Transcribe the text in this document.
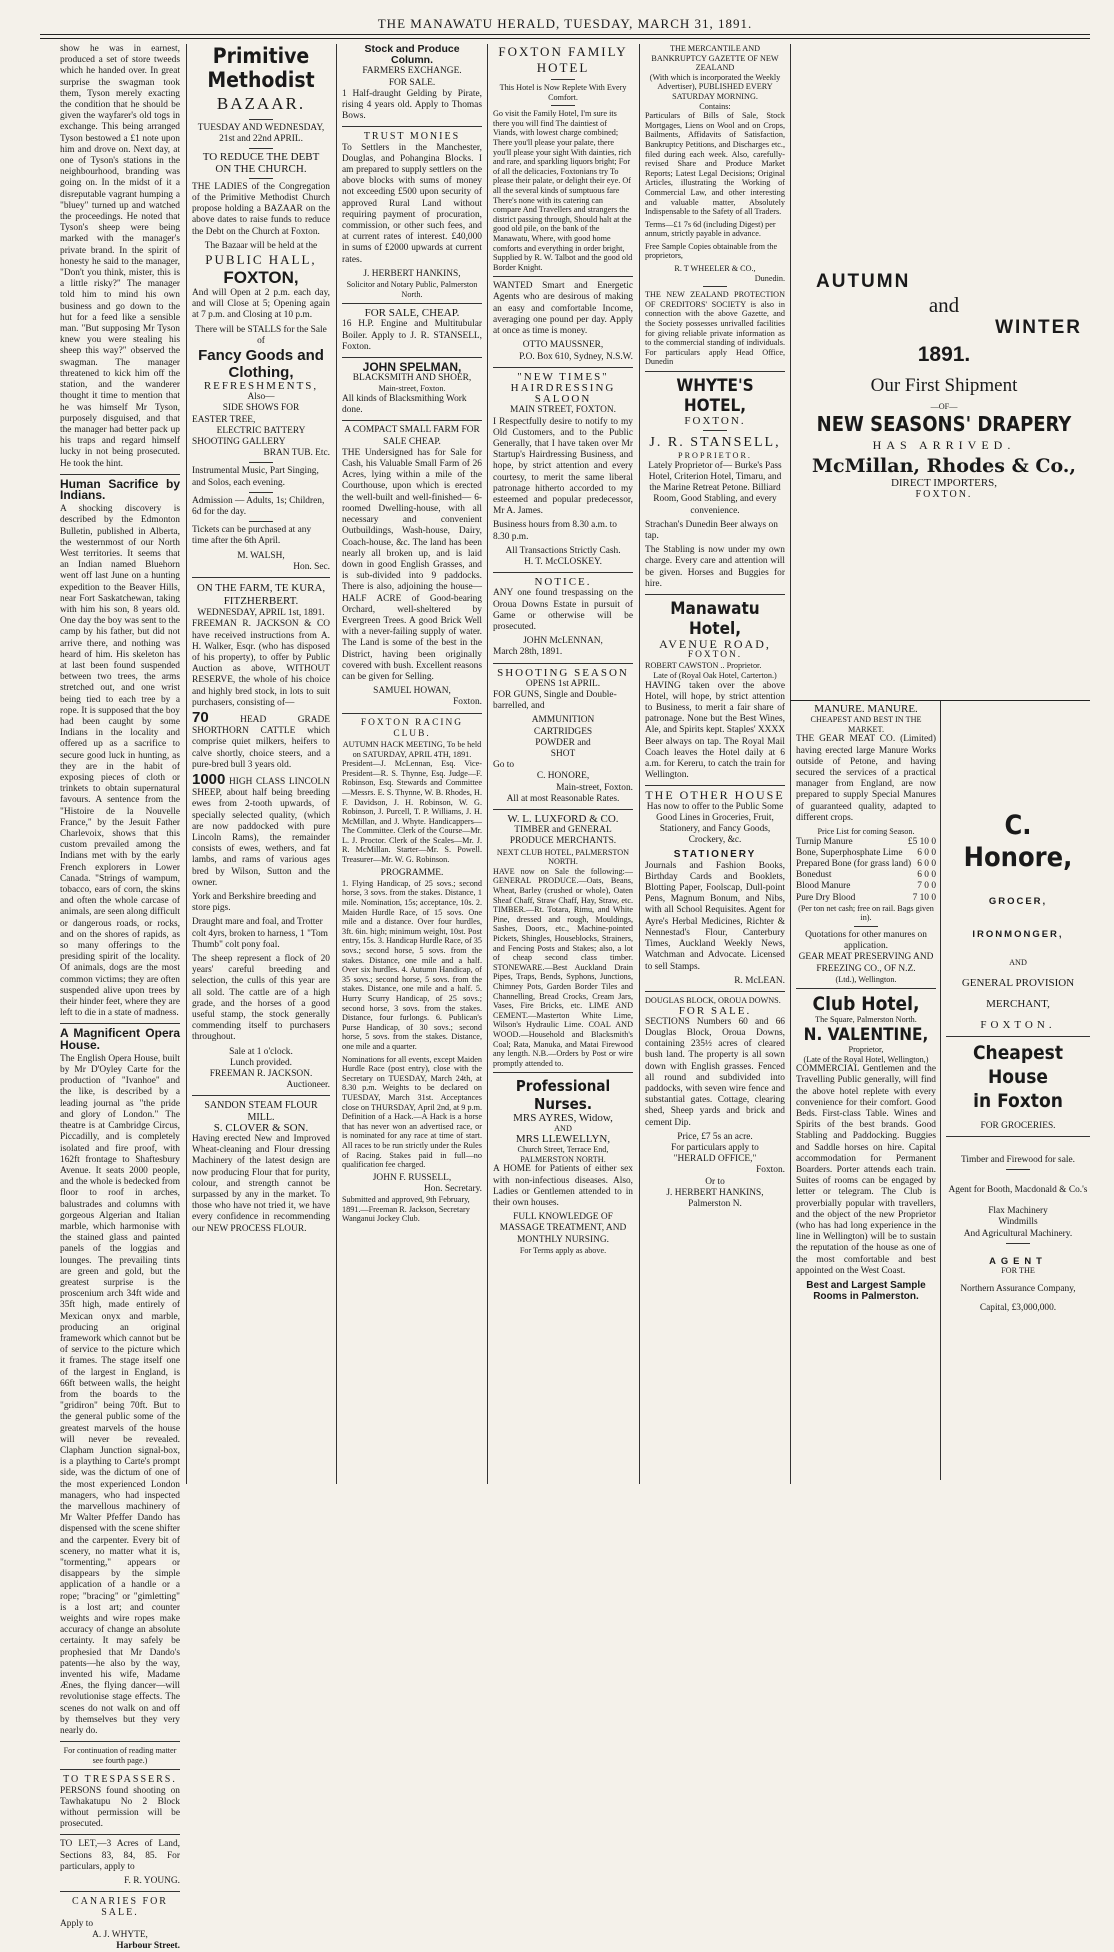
THE MANAWATU HERALD, TUESDAY, MARCH 31, 1891.

show he was in earnest, produced a set of store tweeds which he handed over. In great surprise the swagman took them, Tyson merely exacting the condition that he should be given the wayfarer's old togs in exchange. This being arranged Tyson bestowed a £1 note upon him and drove on. Next day, at one of Tyson's stations in the neighbourhood, branding was going on. In the midst of it a disreputable vagrant humping a "bluey" turned up and watched the proceedings. He noted that Tyson's sheep were being marked with the manager's private brand. In the spirit of honesty he said to the manager, "Don't you think, mister, this is a little risky?" The manager told him to mind his own business and go down to the hut for a feed like a sensible man. "But supposing Mr Tyson knew you were stealing his sheep this way?" observed the swagman. The manager threatened to kick him off the station, and the wanderer thought it time to mention that he was himself Mr Tyson, purposely disguised, and that the manager had better pack up his traps and regard himself lucky in not being prosecuted. He took the hint.

Human Sacrifice by Indians.

A shocking discovery is described by the Edmonton Bulletin, published in Alberta, the westernmost of our North West territories. It seems that an Indian named Bluehorn went off last June on a hunting expedition to the Beaver Hills, near Fort Saskatchewan, taking with him his son, 8 years old. One day the boy was sent to the camp by his father, but did not arrive there, and nothing was heard of him. His skeleton has at last been found suspended between two trees, the arms stretched out, and one wrist being tied to each tree by a rope. It is supposed that the boy had been caught by some Indians in the locality and offered up as a sacrifice to secure good luck in hunting, as they are in the habit of exposing pieces of cloth or trinkets to obtain supernatural favours. A sentence from the "Histoire de la Nouvelle France," by the Jesuit Father Charlevoix, shows that this custom prevailed among the Indians met with by the early French explorers in Lower Canada. "Strings of wampum, tobacco, ears of corn, the skins and often the whole carcase of animals, are seen along difficult or dangerous roads, or rocks, and on the shores of rapids, as so many offerings to the presiding spirit of the locality. Of animals, dogs are the most common victims; they are often suspended alive upon trees by their hinder feet, where they are left to die in a state of madness.

A Magnificent Opera House.

The English Opera House, built by Mr D'Oyley Carte for the production of "Ivanhoe" and the like, is described by a leading journal as "the pride and glory of London." The theatre is at Cambridge Circus, Piccadilly, and is completely isolated and fire proof, with 162ft frontage to Shaftesbury Avenue. It seats 2000 people, and the whole is bedecked from floor to roof in arches, balustrades and columns with gorgeous Algerian and Italian marble, which harmonise with the stained glass and painted panels of the loggias and lounges. The prevailing tints are green and gold, but the greatest surprise is the proscenium arch 34ft wide and 35ft high, made entirely of Mexican onyx and marble, producing an original framework which cannot but be of service to the picture which it frames. The stage itself one of the largest in England, is 66ft between walls, the height from the boards to the "gridiron" being 70ft. But to the general public some of the greatest marvels of the house will never be revealed. Clapham Junction signal-box, is a plaything to Carte's prompt side, was the dictum of one of the most experienced London managers, who had inspected the marvellous machinery of Mr Walter Pfeffer Dando has dispensed with the scene shifter and the carpenter. Every bit of scenery, no matter what it is, "tormenting," appears or disappears by the simple application of a handle or a rope; "bracing" or "gimletting" is a lost art; and counter weights and wire ropes make accuracy of change an absolute certainty. It may safely be prophesied that Mr Dando's patents—he also by the way, invented his wife, Madame Ænes, the flying dancer—will revolutionise stage effects. The scenes do not walk on and off by themselves but they very nearly do.

For continuation of reading matter see fourth page.)

TO TRESPASSERS.

PERSONS found shooting on Tawhakatupu No 2 Block without permission will be prosecuted.

TO LET,—3 Acres of Land, Sections 83, 84, 85. For particulars, apply to

F. R. YOUNG.
CANARIES FOR SALE.
Apply to
A. J. WHYTE,
Harbour Street.
Primitive Methodist
BAZAAR.
TUESDAY AND WEDNESDAY,
21st and 22nd APRIL.
TO REDUCE THE DEBT
ON THE CHURCH.

THE LADIES of the Congregation of the Primitive Methodist Church propose holding a BAZAAR on the above dates to raise funds to reduce the Debt on the Church at Foxton.

The Bazaar will be held at the
PUBLIC HALL,
FOXTON,

And will Open at 2 p.m. each day, and will Close at 5; Opening again at 7 p.m. and Closing at 10 p.m.

There will be STALLS for the Sale of
Fancy Goods and Clothing,
REFRESHMENTS,
Also—
SIDE SHOWS FOR
EASTER TREE,
ELECTRIC BATTERY
SHOOTING GALLERY
BRAN TUB. Etc.

Instrumental Music, Part Singing, and Solos, each evening.

Admission — Adults, 1s; Children, 6d for the day.

Tickets can be purchased at any time after the 6th April.

M. WALSH,
Hon. Sec.
ON THE FARM, TE KURA, FITZHERBERT.
WEDNESDAY, APRIL 1st, 1891.

FREEMAN R. JACKSON & CO have received instructions from A. H. Walker, Esqr. (who has disposed of his property), to offer by Public Auction as above, WITHOUT RESERVE, the whole of his choice and highly bred stock, in lots to suit purchasers, consisting of—

70	HEAD GRADE SHORTHORN CATTLE which comprise quiet milkers, heifers to calve shortly, choice steers, and a pure-bred bull 3 years old.

1000 HIGH CLASS LINCOLN SHEEP, about half being breeding ewes from 2-tooth upwards, of specially selected quality, (which are now paddocked with pure Lincoln Rams), the remainder consists of ewes, wethers, and fat lambs, and rams of various ages bred by Wilson, Sutton and the owner.

York and Berkshire breeding and store pigs.

Draught mare and foal, and Trotter colt 4yrs, broken to harness, 1 "Tom Thumb" colt pony foal.

The sheep represent a flock of 20 years' careful breeding and selection, the culls of this year are all sold. The cattle are of a high grade, and the horses of a good useful stamp, the stock generally commending itself to purchasers throughout.

Sale at 1 o'clock.
Lunch provided.
FREEMAN R. JACKSON.
Auctioneer.
SANDON STEAM FLOUR MILL.
S. CLOVER & SON.

Having erected New and Improved Wheat-cleaning and Flour dressing Machinery of the latest design are now producing Flour that for purity, colour, and strength cannot be surpassed by any in the market. To those who have not tried it, we have every confidence in recommending our NEW PROCESS FLOUR.

Stock and Produce Column.
FARMERS EXCHANGE.
FOR SALE.

1 Half-draught Gelding by Pirate, rising 4 years old. Apply to Thomas Bows.

TRUST MONIES

To Settlers in the Manchester, Douglas, and Pohangina Blocks. I am prepared to supply settlers on the above blocks with sums of money not exceeding £500 upon security of approved Rural Land without requiring payment of procuration, commission, or other such fees, and at current rates of interest. £40,000 in sums of £2000 upwards at current rates.

J. HERBERT HANKINS,
Solicitor and Notary Public, Palmerston North.
FOR SALE, CHEAP.

16 H.P. Engine and Multitubular Boiler. Apply to J. R. STANSELL, Foxton.

JOHN SPELMAN,
BLACKSMITH AND SHOER,
Main-street, Foxton.

All kinds of Blacksmithing Work done.

A COMPACT SMALL FARM FOR SALE CHEAP.

THE Undersigned has for Sale for Cash, his Valuable Small Farm of 26 Acres, lying within a mile of the Courthouse, upon which is erected the well-built and well-finished— 6-roomed Dwelling-house, with all necessary and convenient Outbuildings, Wash-house, Dairy, Coach-house, &c. The land has been nearly all broken up, and is laid down in good English Grasses, and is sub-divided into 9 paddocks. There is also, adjoining the house— HALF ACRE of Good-bearing Orchard, well-sheltered by Evergreen Trees. A good Brick Well with a never-failing supply of water. The Land is some of the best in the District, having been originally covered with bush. Excellent reasons can be given for Selling.

SAMUEL HOWAN,
Foxton.
FOXTON RACING CLUB.
AUTUMN HACK MEETING, To be held on SATURDAY, APRIL 4TH, 1891.

President—J. McLennan, Esq. Vice-President—R. S. Thynne, Esq. Judge—F. Robinson, Esq. Stewards and Committee—Messrs. E. S. Thynne, W. B. Rhodes, H. F. Davidson, J. H. Robinson, W. G. Robinson, J. Purcell, T. P. Williams, J. H. McMillan, and J. Whyte. Handicappers—The Committee. Clerk of the Course—Mr. L. J. Proctor. Clerk of the Scales—Mr. J. R. McMillan. Starter—Mr. S. Powell. Treasurer—Mr. W. G. Robinson.

PROGRAMME.

1. Flying Handicap, of 25 sovs.; second horse, 3 sovs. from the stakes. Distance, 1 mile. Nomination, 15s; acceptance, 10s. 2. Maiden Hurdle Race, of 15 sovs. One mile and a distance. Over four hurdles, 3ft. 6in. high; minimum weight, 10st. Post entry, 15s. 3. Handicap Hurdle Race, of 35 sovs.; second horse, 5 sovs. from the stakes. Distance, one mile and a half. Over six hurdles. 4. Autumn Handicap, of 35 sovs.; second horse, 5 sovs. from the stakes. Distance, one mile and a half. 5. Hurry Scurry Handicap, of 25 sovs.; second horse, 3 sovs. from the stakes. Distance, four furlongs. 6. Publican's Purse Handicap, of 30 sovs.; second horse, 5 sovs. from the stakes. Distance, one mile and a quarter.

Nominations for all events, except Maiden Hurdle Race (post entry), close with the Secretary on TUESDAY, March 24th, at 8.30 p.m. Weights to be declared on TUESDAY, March 31st. Acceptances close on THURSDAY, April 2nd, at 9 p.m. Definition of a Hack.—A Hack is a horse that has never won an advertised race, or is nominated for any race at time of start. All races to be run strictly under the Rules of Racing. Stakes paid in full—no qualification fee charged.

JOHN F. RUSSELL,
Hon. Secretary.

Submitted and approved, 9th February, 1891.—Freeman R. Jackson, Secretary Wanganui Jockey Club.

FOXTON FAMILY HOTEL
This Hotel is Now Replete With Every Comfort.

Go visit the Family Hotel, I'm sure its there you will find The daintiest of Viands, with lowest charge combined; There you'll please your palate, there you'll please your sight With dainties, rich and rare, and sparkling liquors bright; For of all the delicacies, Foxtonians try To please their palate, or delight their eye. Of all the several kinds of sumptuous fare There's none with its catering can compare And Travellers and strangers the district passing through, Should halt at the good old pile, on the bank of the Manawatu, Where, with good home comforts and everything in order bright, Supplied by R. W. Talbot and the good old Border Knight.

WANTED Smart and Energetic Agents who are desirous of making an easy and comfortable Income, averaging one pound per day. Apply at once as time is money.

OTTO MAUSSNER,
P.O. Box 610, Sydney, N.S.W.
"NEW TIMES" HAIRDRESSING SALOON
MAIN STREET, FOXTON.

I Respectfully desire to notify to my Old Customers, and to the Public Generally, that I have taken over Mr Startup's Hairdressing Business, and hope, by strict attention and every courtesy, to merit the same liberal patronage hitherto accorded to my esteemed and popular predecessor, Mr A. James.

Business hours from 8.30 a.m. to 8.30 p.m.

All Transactions Strictly Cash.
H. T. McCLOSKEY.
NOTICE.

ANY one found trespassing on the Oroua Downs Estate in pursuit of Game or otherwise will be prosecuted.

JOHN McLENNAN,
March 28th, 1891.
SHOOTING SEASON
OPENS 1st APRIL.

FOR GUNS, Single and Double-barrelled, and

AMMUNITION
CARTRIDGES
POWDER and
SHOT
Go to
C. HONORE,
Main-street, Foxton.
All at most Reasonable Rates.
W. L. LUXFORD & CO.
TIMBER and GENERAL PRODUCE MERCHANTS.
NEXT CLUB HOTEL, PALMERSTON NORTH.

HAVE now on Sale the following:— GENERAL PRODUCE.—Oats, Beans, Wheat, Barley (crushed or whole), Oaten Sheaf Chaff, Straw Chaff, Hay, Straw, etc. TIMBER.—Rt. Totara, Rimu, and White Pine, dressed and rough, Mouldings, Sashes, Doors, etc., Machine-pointed Pickets, Shingles, Houseblocks, Strainers, and Fencing Posts and Stakes; also, a lot of cheap second class timber. STONEWARE.—Best Auckland Drain Pipes, Traps, Bends, Syphons, Junctions, Chimney Pots, Garden Border Tiles and Channelling, Bread Crocks, Cream Jars, Vases, Fire Bricks, etc. LIME AND CEMENT.—Masterton White Lime, Wilson's Hydraulic Lime. COAL AND WOOD.—Household and Blacksmith's Coal; Rata, Manuka, and Matai Firewood any length. N.B.—Orders by Post or wire promptly attended to.

Professional Nurses.
MRS AYRES, Widow,
AND
MRS LLEWELLYN,
Church Street, Terrace End, PALMERSTON NORTH.

A HOME for Patients of either sex with non-infectious diseases. Also, Ladies or Gentlemen attended to in their own houses.

FULL KNOWLEDGE OF MASSAGE TREATMENT, AND MONTHLY NURSING.
For Terms apply as above.
THE MERCANTILE AND BANKRUPTCY GAZETTE OF NEW ZEALAND
(With which is incorporated the Weekly Advertiser), PUBLISHED EVERY SATURDAY MORNING.
Contains:

Particulars of Bills of Sale, Stock Mortgages, Liens on Wool and on Crops, Bailments, Affidavits of Satisfaction, Bankruptcy Petitions, and Discharges etc., filed during each week. Also, carefully-revised Share and Produce Market Reports; Latest Legal Decisions; Original Articles, illustrating the Working of Commercial Law, and other interesting and valuable matter, Absolutely Indispensable to the Safety of all Traders.

Terms—£1 7s 6d (including Digest) per annum, strictly payable in advance.

Free Sample Copies obtainable from the proprietors,

R. T WHEELER & CO.,
Dunedin.

THE NEW ZEALAND PROTECTION OF CREDITORS' SOCIETY is also in connection with the above Gazette, and the Society possesses unrivalled facilities for giving reliable private information as to the commercial standing of individuals. For particulars apply Head Office, Dunedin

WHYTE'S HOTEL,
FOXTON.
J. R. STANSELL,
PROPRIETOR.

Lately Proprietor of— Burke's Pass Hotel, Criterion Hotel, Timaru, and the Marine Retreat Petone. Billiard Room, Good Stabling, and every convenience.

Strachan's Dunedin Beer always on tap.

The Stabling is now under my own charge. Every care and attention will be given. Horses and Buggies for hire.

Manawatu Hotel,
AVENUE ROAD,
FOXTON.
ROBERT CAWSTON .. Proprietor.
Late of (Royal Oak Hotel, Carterton.)

HAVING taken over the above Hotel, will hope, by strict attention to Business, to merit a fair share of patronage. None but the Best Wines, Ale, and Spirits kept. Staples' XXXX Beer always on tap. The Royal Mail Coach leaves the Hotel daily at 6 a.m. for Kereru, to catch the train for Wellington.

THE OTHER HOUSE

Has now to offer to the Public Some Good Lines in Groceries, Fruit, Stationery, and Fancy Goods, Crockery, &c.

STATIONERY

Journals and Fashion Books, Birthday Cards and Booklets, Blotting Paper, Foolscap, Dull-point Pens, Magnum Bonum, and Nibs, with all School Requisites. Agent for Ayre's Herbal Medicines, Richter & Nennestad's Flour, Canterbury Times, Auckland Weekly News, Watchman and Advocate. Licensed to sell Stamps.

R. McLEAN.
DOUGLAS BLOCK, OROUA DOWNS.
FOR SALE.

SECTIONS Numbers 60 and 66 Douglas Block, Oroua Downs, containing 235½ acres of cleared bush land. The property is all sown down with English grasses. Fenced all round and subdivided into paddocks, with seven wire fence and substantial gates. Cottage, clearing shed, Sheep yards and brick and cement Dip.

Price, £7 5s an acre.
For particulars apply to
"HERALD OFFICE,"
Foxton.
Or to
J. HERBERT HANKINS,
Palmerston N.
AUTUMN
and
WINTER
1891.
Our First Shipment
—OF—
NEW SEASONS' DRAPERY
HAS ARRIVED.
McMillan, Rhodes & Co.,
DIRECT IMPORTERS,
FOXTON.
MANURE. MANURE.
CHEAPEST AND BEST IN THE MARKET.

THE GEAR MEAT CO. (Limited) having erected large Manure Works outside of Petone, and having secured the services of a practical manager from England, are now prepared to supply Special Manures of guaranteed quality, adapted to different crops.

Price List for coming Season.
Turnip Manure	£5 10 0
Bone, Superphosphate Lime 6 0 0
Prepared Bone (for grass land) 6 0 0
Bonedust	6 0 0
Blood Manure	7 0 0
Pure Dry Blood	7 10 0
(Per ton net cash; free on rail. Bags given in).
Quotations for other manures on application.
GEAR MEAT PRESERVING AND FREEZING CO., OF N.Z.
(Ltd.), Wellington.
Club Hotel,
The Square, Palmerston North.
N. VALENTINE,
Proprietor,
(Late of the Royal Hotel, Wellington,)

COMMERCIAL Gentlemen and the Travelling Public generally, will find the above hotel replete with every convenience for their comfort. Good Beds. First-class Table. Wines and Spirits of the best brands. Good Stabling and Paddocking. Buggies and Saddle horses on hire. Capital accommodation for Permanent Boarders. Porter attends each train. Suites of rooms can be engaged by letter or telegram. The Club is proverbially popular with travellers, and the object of the new Proprietor (who has had long experience in the line in Wellington) will be to sustain the reputation of the house as one of the most comfortable and best appointed on the West Coast.

Best and Largest Sample Rooms in Palmerston.
C. Honore,
GROCER,
IRONMONGER,
AND
GENERAL PROVISION
MERCHANT,
FOXTON.
Cheapest House
in Foxton
FOR GROCERIES.
Timber and Firewood for sale.
Agent for Booth, Macdonald & Co.'s
Flax Machinery
Windmills
And Agricultural Machinery.
AGENT
FOR THE
Northern Assurance Company,
Capital, £3,000,000.
